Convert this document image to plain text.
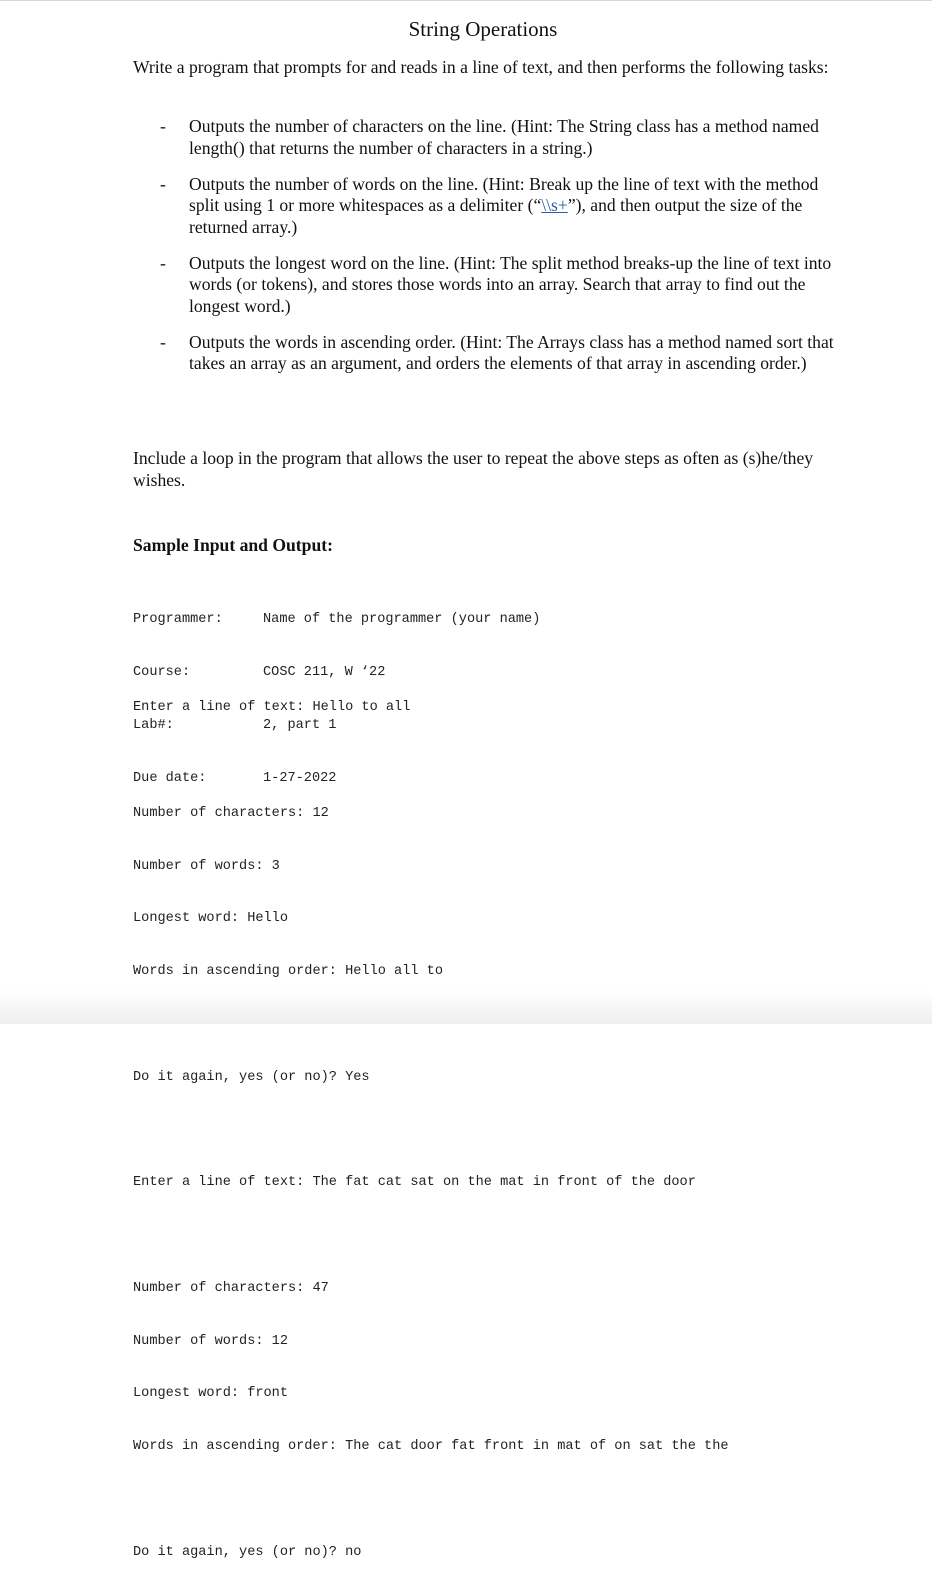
String Operations
Write a program that prompts for and reads in a line of text, and then performs the following tasks:
- Outputs the number of characters on the line. (Hint: The String class has a method named length() that returns the number of characters in a string.)
- Outputs the number of words on the line. (Hint: Break up the line of text with the method split using 1 or more whitespaces as a delimiter (“\\s+”), and then output the size of the returned array.)
- Outputs the longest word on the line. (Hint: The split method breaks-up the line of text into words (or tokens), and stores those words into an array. Search that array to find out the longest word.)
- Outputs the words in ascending order. (Hint: The Arrays class has a method named sort that takes an array as an argument, and orders the elements of that array in ascending order.)
Include a loop in the program that allows the user to repeat the above steps as often as (s)he/they wishes.
Sample Input and Output:

Programmer:	Name of the programmer (your name)

Course:	COSC 211, W ‘22

Lab#:	2, part 1

Due date:	1-27-2022

Enter a line of text: Hello to all

Number of characters: 12

Number of words: 3

Longest word: Hello

Words in ascending order: Hello all to

Do it again, yes (or no)? Yes

Enter a line of text: The fat cat sat on the mat in front of the door

Number of characters: 47

Number of words: 12

Longest word: front

Words in ascending order: The cat door fat front in mat of on sat the the

Do it again, yes (or no)? no
